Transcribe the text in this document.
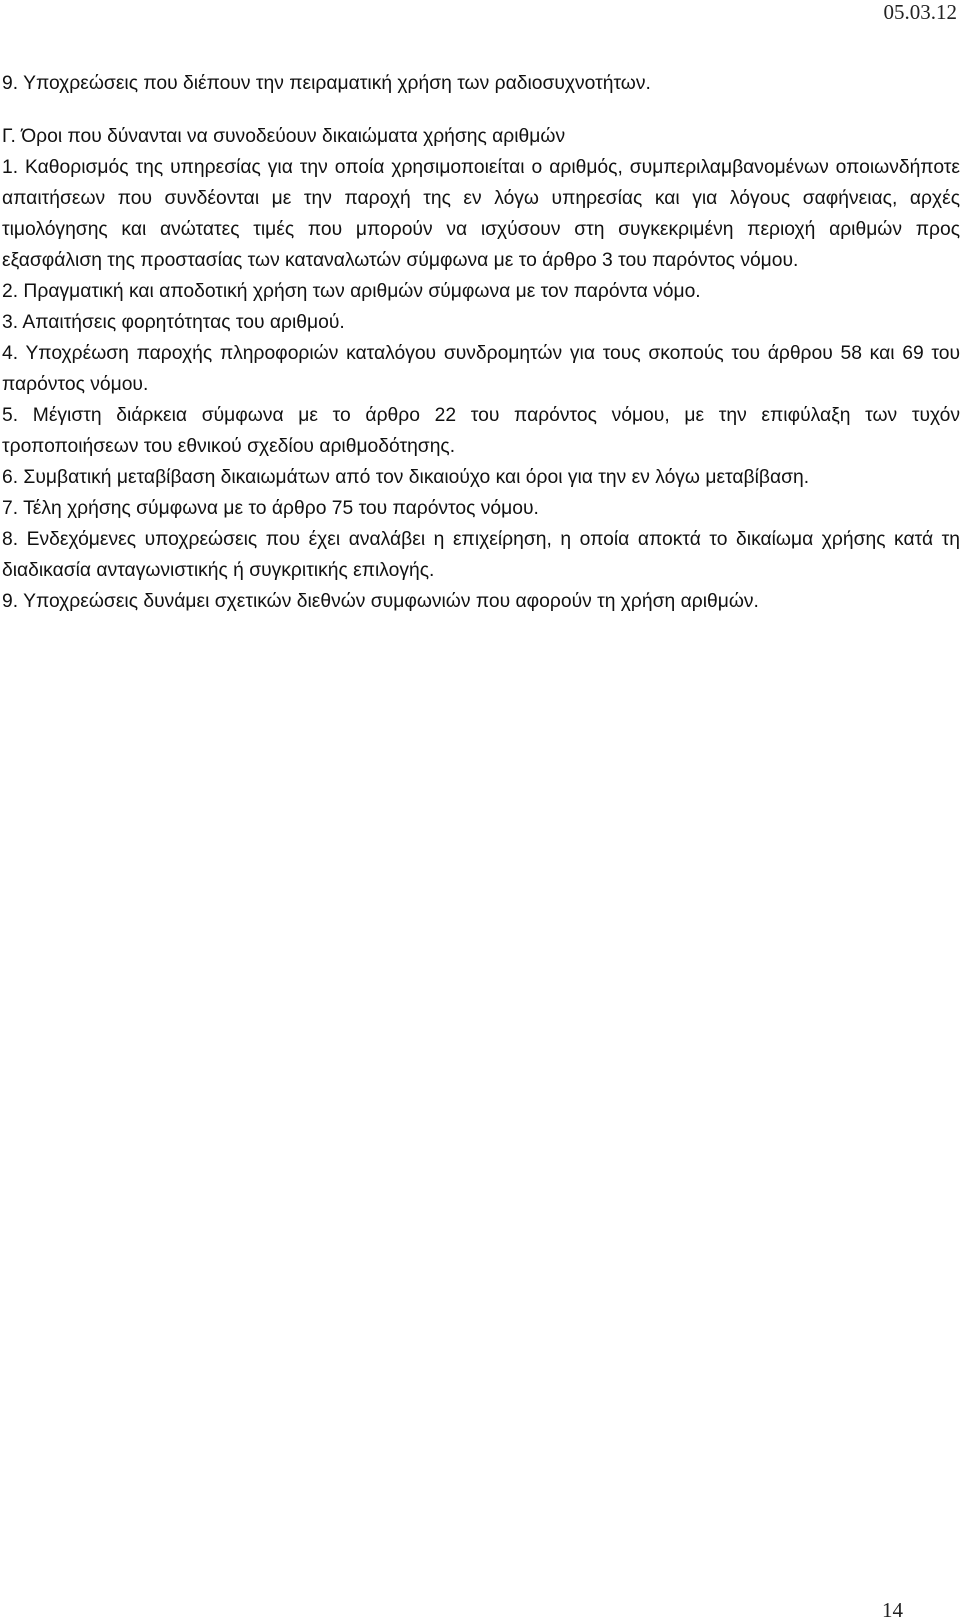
05.03.12

9. Υποχρεώσεις που διέπουν την πειραματική χρήση των ραδιοσυχνοτήτων.

Γ. Όροι που δύνανται να συνοδεύουν δικαιώματα χρήσης αριθμών

1. Καθορισμός της υπηρεσίας για την οποία χρησιμοποιείται ο αριθμός, συμπεριλαμβανομένων οποιωνδήποτε απαιτήσεων που συνδέονται με την παροχή της εν λόγω υπηρεσίας και για λόγους σαφήνειας, αρχές τιμολόγησης και ανώτατες τιμές που μπορούν να ισχύσουν στη συγκεκριμένη περιοχή αριθμών προς εξασφάλιση της προστασίας των καταναλωτών σύμφωνα με το άρθρο 3 του παρόντος νόμου.

2. Πραγματική και αποδοτική χρήση των αριθμών σύμφωνα με τον παρόντα νόμο.

3. Απαιτήσεις φορητότητας του αριθμού.

4. Υποχρέωση παροχής πληροφοριών καταλόγου συνδρομητών για τους σκοπούς του άρθρου 58 και 69 του παρόντος νόμου.

5. Μέγιστη διάρκεια σύμφωνα με το άρθρο 22 του παρόντος νόμου, με την επιφύλαξη των τυχόν τροποποιήσεων του εθνικού σχεδίου αριθμοδότησης.

6. Συμβατική μεταβίβαση δικαιωμάτων από τον δικαιούχο και όροι για την εν λόγω μεταβίβαση.

7. Τέλη χρήσης σύμφωνα με το άρθρο 75 του παρόντος νόμου.

8. Ενδεχόμενες υποχρεώσεις που έχει αναλάβει η επιχείρηση, η οποία αποκτά το δικαίωμα χρήσης κατά τη διαδικασία ανταγωνιστικής ή συγκριτικής επιλογής.

9. Υποχρεώσεις δυνάμει σχετικών διεθνών συμφωνιών που αφορούν τη χρήση αριθμών.

14
